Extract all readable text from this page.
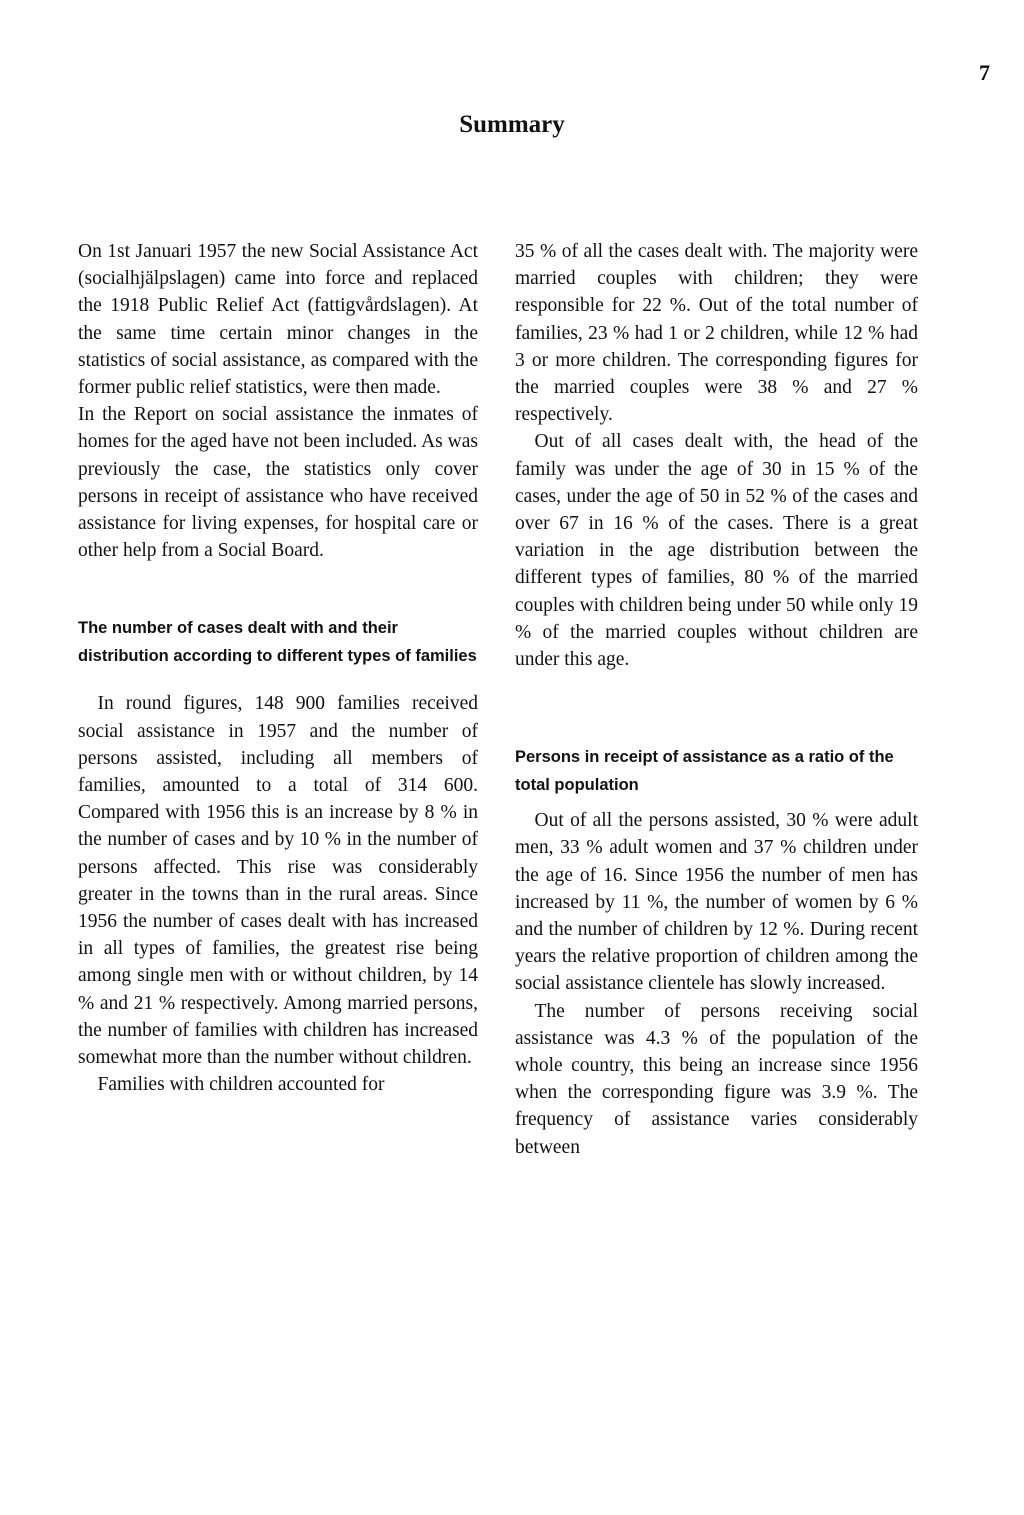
7
Summary

On 1st Januari 1957 the new Social Assistance Act (socialhjälpslagen) came into force and replaced the 1918 Public Relief Act (fattigvårdslagen). At the same time certain minor changes in the statistics of social assistance, as compared with the former public relief statistics, were then made.

In the Report on social assistance the inmates of homes for the aged have not been included. As was previously the case, the statistics only cover persons in receipt of assistance who have received assistance for living expenses, for hospital care or other help from a Social Board.

The number of cases dealt with and their distribution according to different types of families

In round figures, 148 900 families received social assistance in 1957 and the number of persons assisted, including all members of families, amounted to a total of 314 600. Compared with 1956 this is an increase by 8 % in the number of cases and by 10 % in the number of persons affected. This rise was considerably greater in the towns than in the rural areas. Since 1956 the number of cases dealt with has increased in all types of families, the greatest rise being among single men with or without children, by 14 % and 21 % respectively. Among married persons, the number of families with children has increased somewhat more than the number without children.

Families with children accounted for

35 % of all the cases dealt with. The majority were married couples with children; they were responsible for 22 %. Out of the total number of families, 23 % had 1 or 2 children, while 12 % had 3 or more children. The corresponding figures for the married couples were 38 % and 27 % respectively.

Out of all cases dealt with, the head of the family was under the age of 30 in 15 % of the cases, under the age of 50 in 52 % of the cases and over 67 in 16 % of the cases. There is a great variation in the age distribution between the different types of families, 80 % of the married couples with children being under 50 while only 19 % of the married couples without children are under this age.

Persons in receipt of assistance as a ratio of the total population

Out of all the persons assisted, 30 % were adult men, 33 % adult women and 37 % children under the age of 16. Since 1956 the number of men has increased by 11 %, the number of women by 6 % and the number of children by 12 %. During recent years the relative proportion of children among the social assistance clientele has slowly increased.

The number of persons receiving social assistance was 4.3 % of the population of the whole country, this being an increase since 1956 when the corresponding figure was 3.9 %. The frequency of assistance varies considerably between
